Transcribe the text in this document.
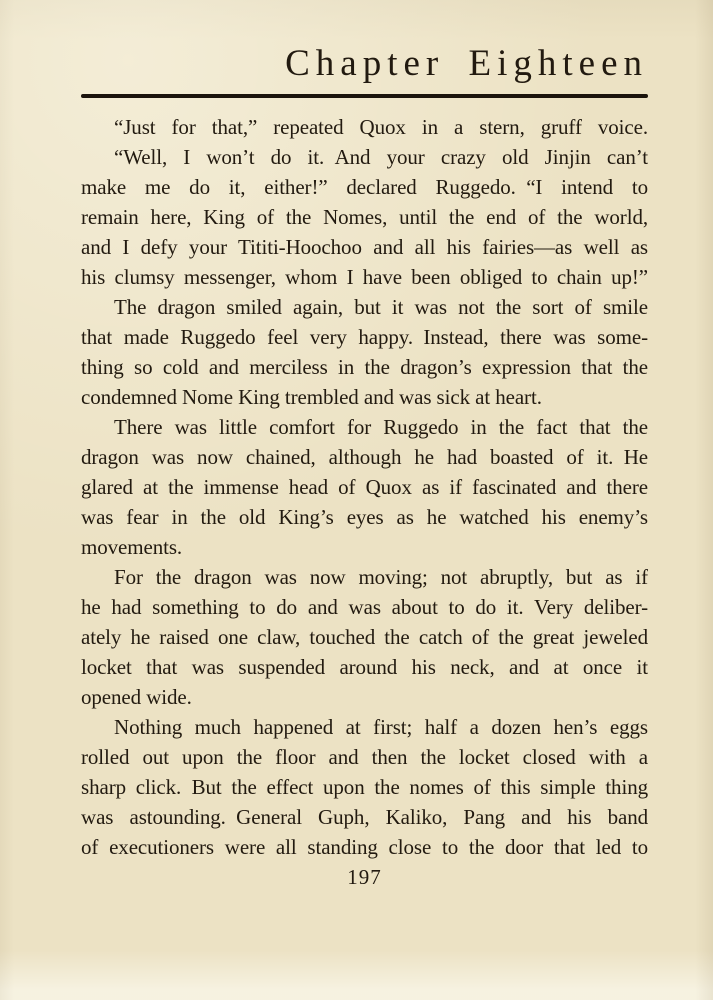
Chapter Eighteen
“Just for that,” repeated Quox in a stern, gruff voice.
“Well, I won’t do it. And your crazy old Jinjin can’t
make me do it, either!” declared Ruggedo. “I intend to
remain here, King of the Nomes, until the end of the world,
and I defy your Tititi-Hoochoo and all his fairies—as well as
his clumsy messenger, whom I have been obliged to chain up!”
The dragon smiled again, but it was not the sort of smile
that made Ruggedo feel very happy. Instead, there was some-
thing so cold and merciless in the dragon’s expression that the
condemned Nome King trembled and was sick at heart.
There was little comfort for Ruggedo in the fact that the
dragon was now chained, although he had boasted of it. He
glared at the immense head of Quox as if fascinated and there
was fear in the old King’s eyes as he watched his enemy’s
movements.
For the dragon was now moving; not abruptly, but as if
he had something to do and was about to do it. Very deliber-
ately he raised one claw, touched the catch of the great jeweled
locket that was suspended around his neck, and at once it
opened wide.
Nothing much happened at first; half a dozen hen’s eggs
rolled out upon the floor and then the locket closed with a
sharp click. But the effect upon the nomes of this simple thing
was astounding. General Guph, Kaliko, Pang and his band
of executioners were all standing close to the door that led to
197
